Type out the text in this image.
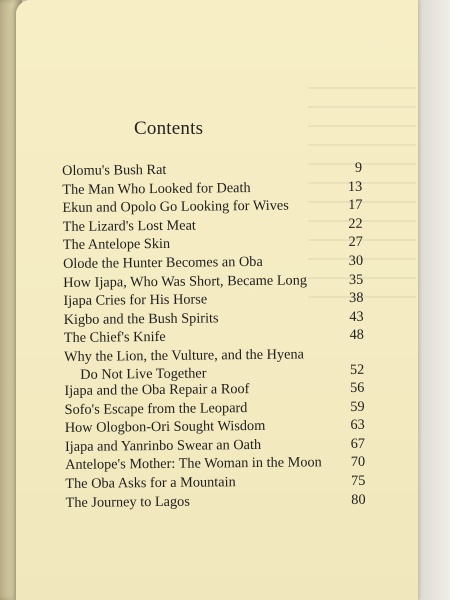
Contents
Olomu's Bush Rat	9
The Man Who Looked for Death	13
Ekun and Opolo Go Looking for Wives	17
The Lizard's Lost Meat	22
The Antelope Skin	27
Olode the Hunter Becomes an Oba	30
How Ijapa, Who Was Short, Became Long	35
Ijapa Cries for His Horse	38
Kigbo and the Bush Spirits	43
The Chief's Knife	48
Why the Lion, the Vulture, and the Hyena
Do Not Live Together	52
Ijapa and the Oba Repair a Roof	56
Sofo's Escape from the Leopard	59
How Ologbon-Ori Sought Wisdom	63
Ijapa and Yanrinbo Swear an Oath	67
Antelope's Mother: The Woman in the Moon	70
The Oba Asks for a Mountain	75
The Journey to Lagos	80
